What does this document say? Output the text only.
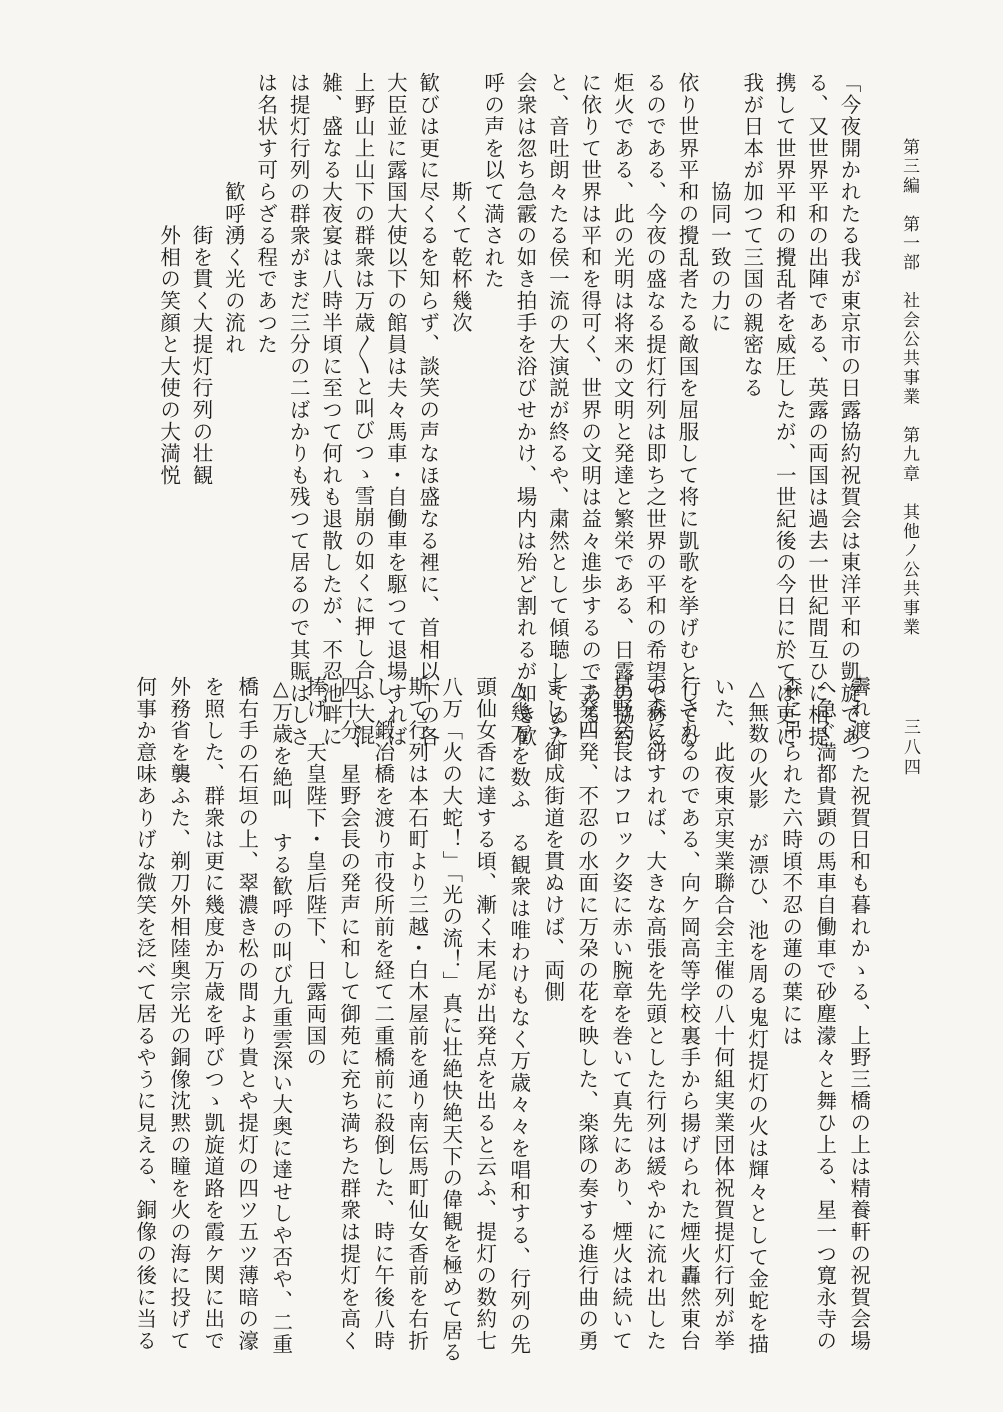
第三編　第一部　社会公共事業　第九章　其他ノ公共事業
三八四
「今夜開かれたる我が東京市の日露協約祝賀会は東洋平和の凱旋であ
る、又世界平和の出陣である、英露の両国は過去一世紀間互ひに相提
携して世界平和の攪乱者を威圧したが、一世紀後の今日に於ては更に
我が日本が加つて三国の親密なる
　　　　　協同一致の力に
依り世界平和の攪乱者たる敵国を屈服して将に凱歌を挙げむとしてゐ
るのである、今夜の盛なる提灯行列は即ち之世界の平和の希望である
炬火である、此の光明は将来の文明と発達と繁栄である、日露の協約
に依りて世界は平和を得可く、世界の文明は益々進歩するのである」
と、音吐朗々たる侯一流の大演説が終るや、粛然として傾聴してゐた
会衆は忽ち急霰の如き拍手を浴びせかけ、場内は殆ど割れるが如き歓
呼の声を以て満された
　　　　　斯くて乾杯幾次
歓びは更に尽くるを知らず、談笑の声なほ盛なる裡に、首相以下の各
大臣並に露国大使以下の館員は夫々馬車・自働車を駆つて退場すれば
上野山上山下の群衆は万歳〳〵と叫びつゝ雪崩の如くに押し合ふ大混
雑、盛なる大夜宴は八時半頃に至つて何れも退散したが、不忍池畔に
は提灯行列の群衆がまだ三分の二ばかりも残つて居るので其賑はしさ
は名状す可らざる程であつた
　　　　　歓呼湧く光の流れ
　　　　　　　街を貫く大提灯行列の壮観
　　　　　　　外相の笑顔と大使の大満悦
霽れ渡つた祝賀日和も暮れかゝる、上野三橋の上は精養軒の祝賀会場
へ急ぐ満都貴顕の馬車自働車で砂塵濛々と舞ひ上る、星一つ寛永寺の
森に吊られた六時頃不忍の蓮の葉には
△無数の火影　が漂ひ、池を周る鬼灯提灯の火は輝々として金蛇を描
いた、此夜東京実業聯合会主催の八十何組実業団体祝賀提灯行列が挙
行されるのである、向ケ岡高等学校裏手から揚げられた煙火轟然東台
の森に谺すれば、大きな高張を先頭とした行列は緩やかに流れ出した
星野会長はフロック姿に赤い腕章を巻いて真先にあり、煙火は続いて
三発四発、不忍の水面に万朶の花を映した、楽隊の奏する進行曲の勇
ましう御成街道を貫ぬけば、両側
△幾万を数ふ　る観衆は唯わけもなく万歳々々を唱和する、行列の先
頭仙女香に達する頃、漸く末尾が出発点を出ると云ふ、提灯の数約七
八万「火の大蛇！」「光の流！」真に壮絶快絶天下の偉観を極めて居る
斯て行列は本石町より三越・白木屋前を通り南伝馬町仙女香前を右折
し、鍛冶橋を渡り市役所前を経て二重橋前に殺倒した、時に午後八時
四十分、星野会長の発声に和して御苑に充ち満ちた群衆は提灯を高く
捧げ　天皇陛下・皇后陛下、日露両国の
△万歳を絶叫　する歓呼の叫び九重雲深い大奥に達せしや否や、二重
橋右手の石垣の上、翠濃き松の間より貴とや提灯の四ツ五ツ薄暗の濠
を照した、群衆は更に幾度か万歳を呼びつゝ凱旋道路を霞ケ関に出で
外務省を襲ふた、剃刀外相陸奥宗光の銅像沈黙の瞳を火の海に投げて
何事か意味ありげな微笑を泛べて居るやうに見える、銅像の後に当る
